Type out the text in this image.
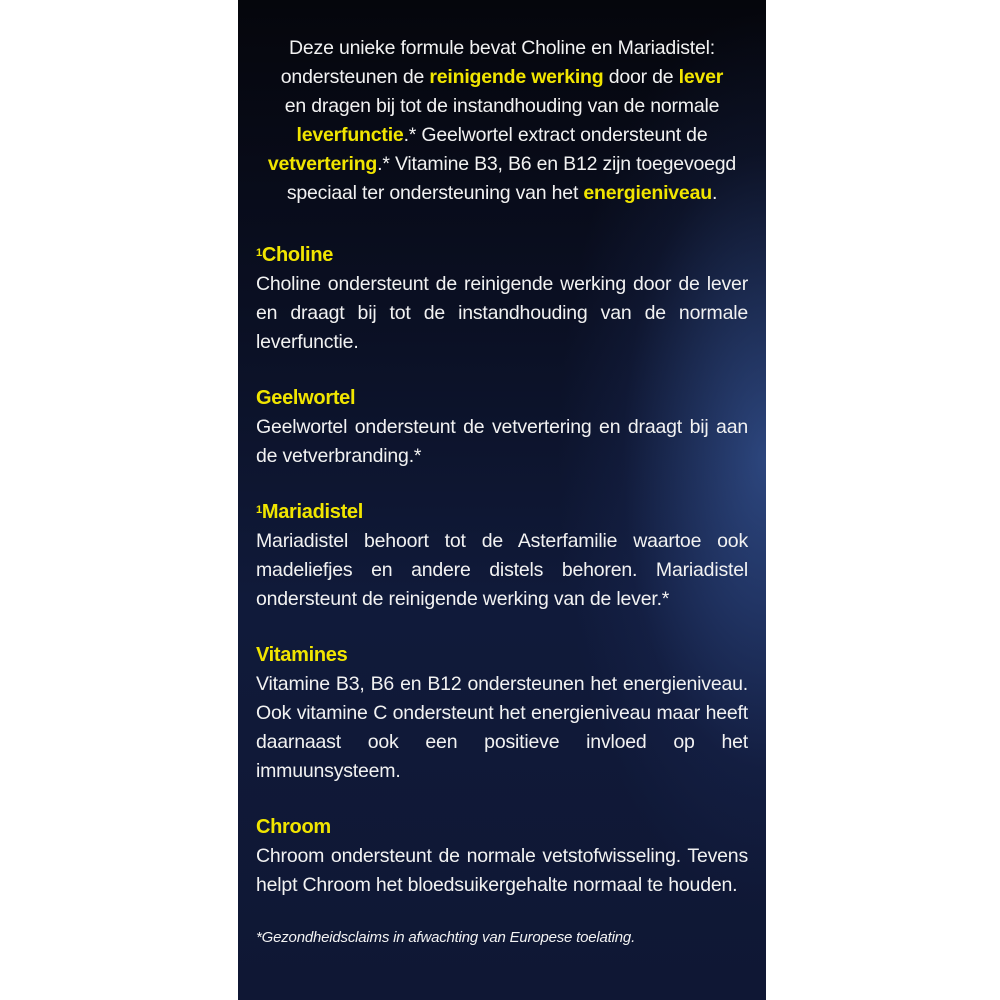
Deze unieke formule bevat Choline en Mariadistel: ondersteunen de reinigende werking door de lever
en dragen bij tot de instandhouding van de normale
leverfunctie.* Geelwortel extract ondersteunt de
vetvertering.* Vitamine B3, B6 en B12 zijn toegevoegd speciaal ter ondersteuning van het energieniveau.
$^1$Choline

Choline ondersteunt de reinigende werking door de lever en draagt bij tot de instandhouding van de normale leverfunctie.

Geelwortel

Geelwortel ondersteunt de vetvertering en draagt bij aan de vetverbranding.*

$^1$Mariadistel

Mariadistel behoort tot de Asterfamilie waartoe ook madeliefjes en andere distels behoren. Mariadistel ondersteunt de reinigende werking van de lever.*

Vitamines

Vitamine B3, B6 en B12 ondersteunen het energieniveau. Ook vitamine C ondersteunt het energieniveau maar heeft daarnaast ook een positieve invloed op het immuunsysteem.

Chroom

Chroom ondersteunt de normale vetstofwisseling. Tevens helpt Chroom het bloedsuikergehalte normaal te houden.

*Gezondheidsclaims in afwachting van Europese toelating.
